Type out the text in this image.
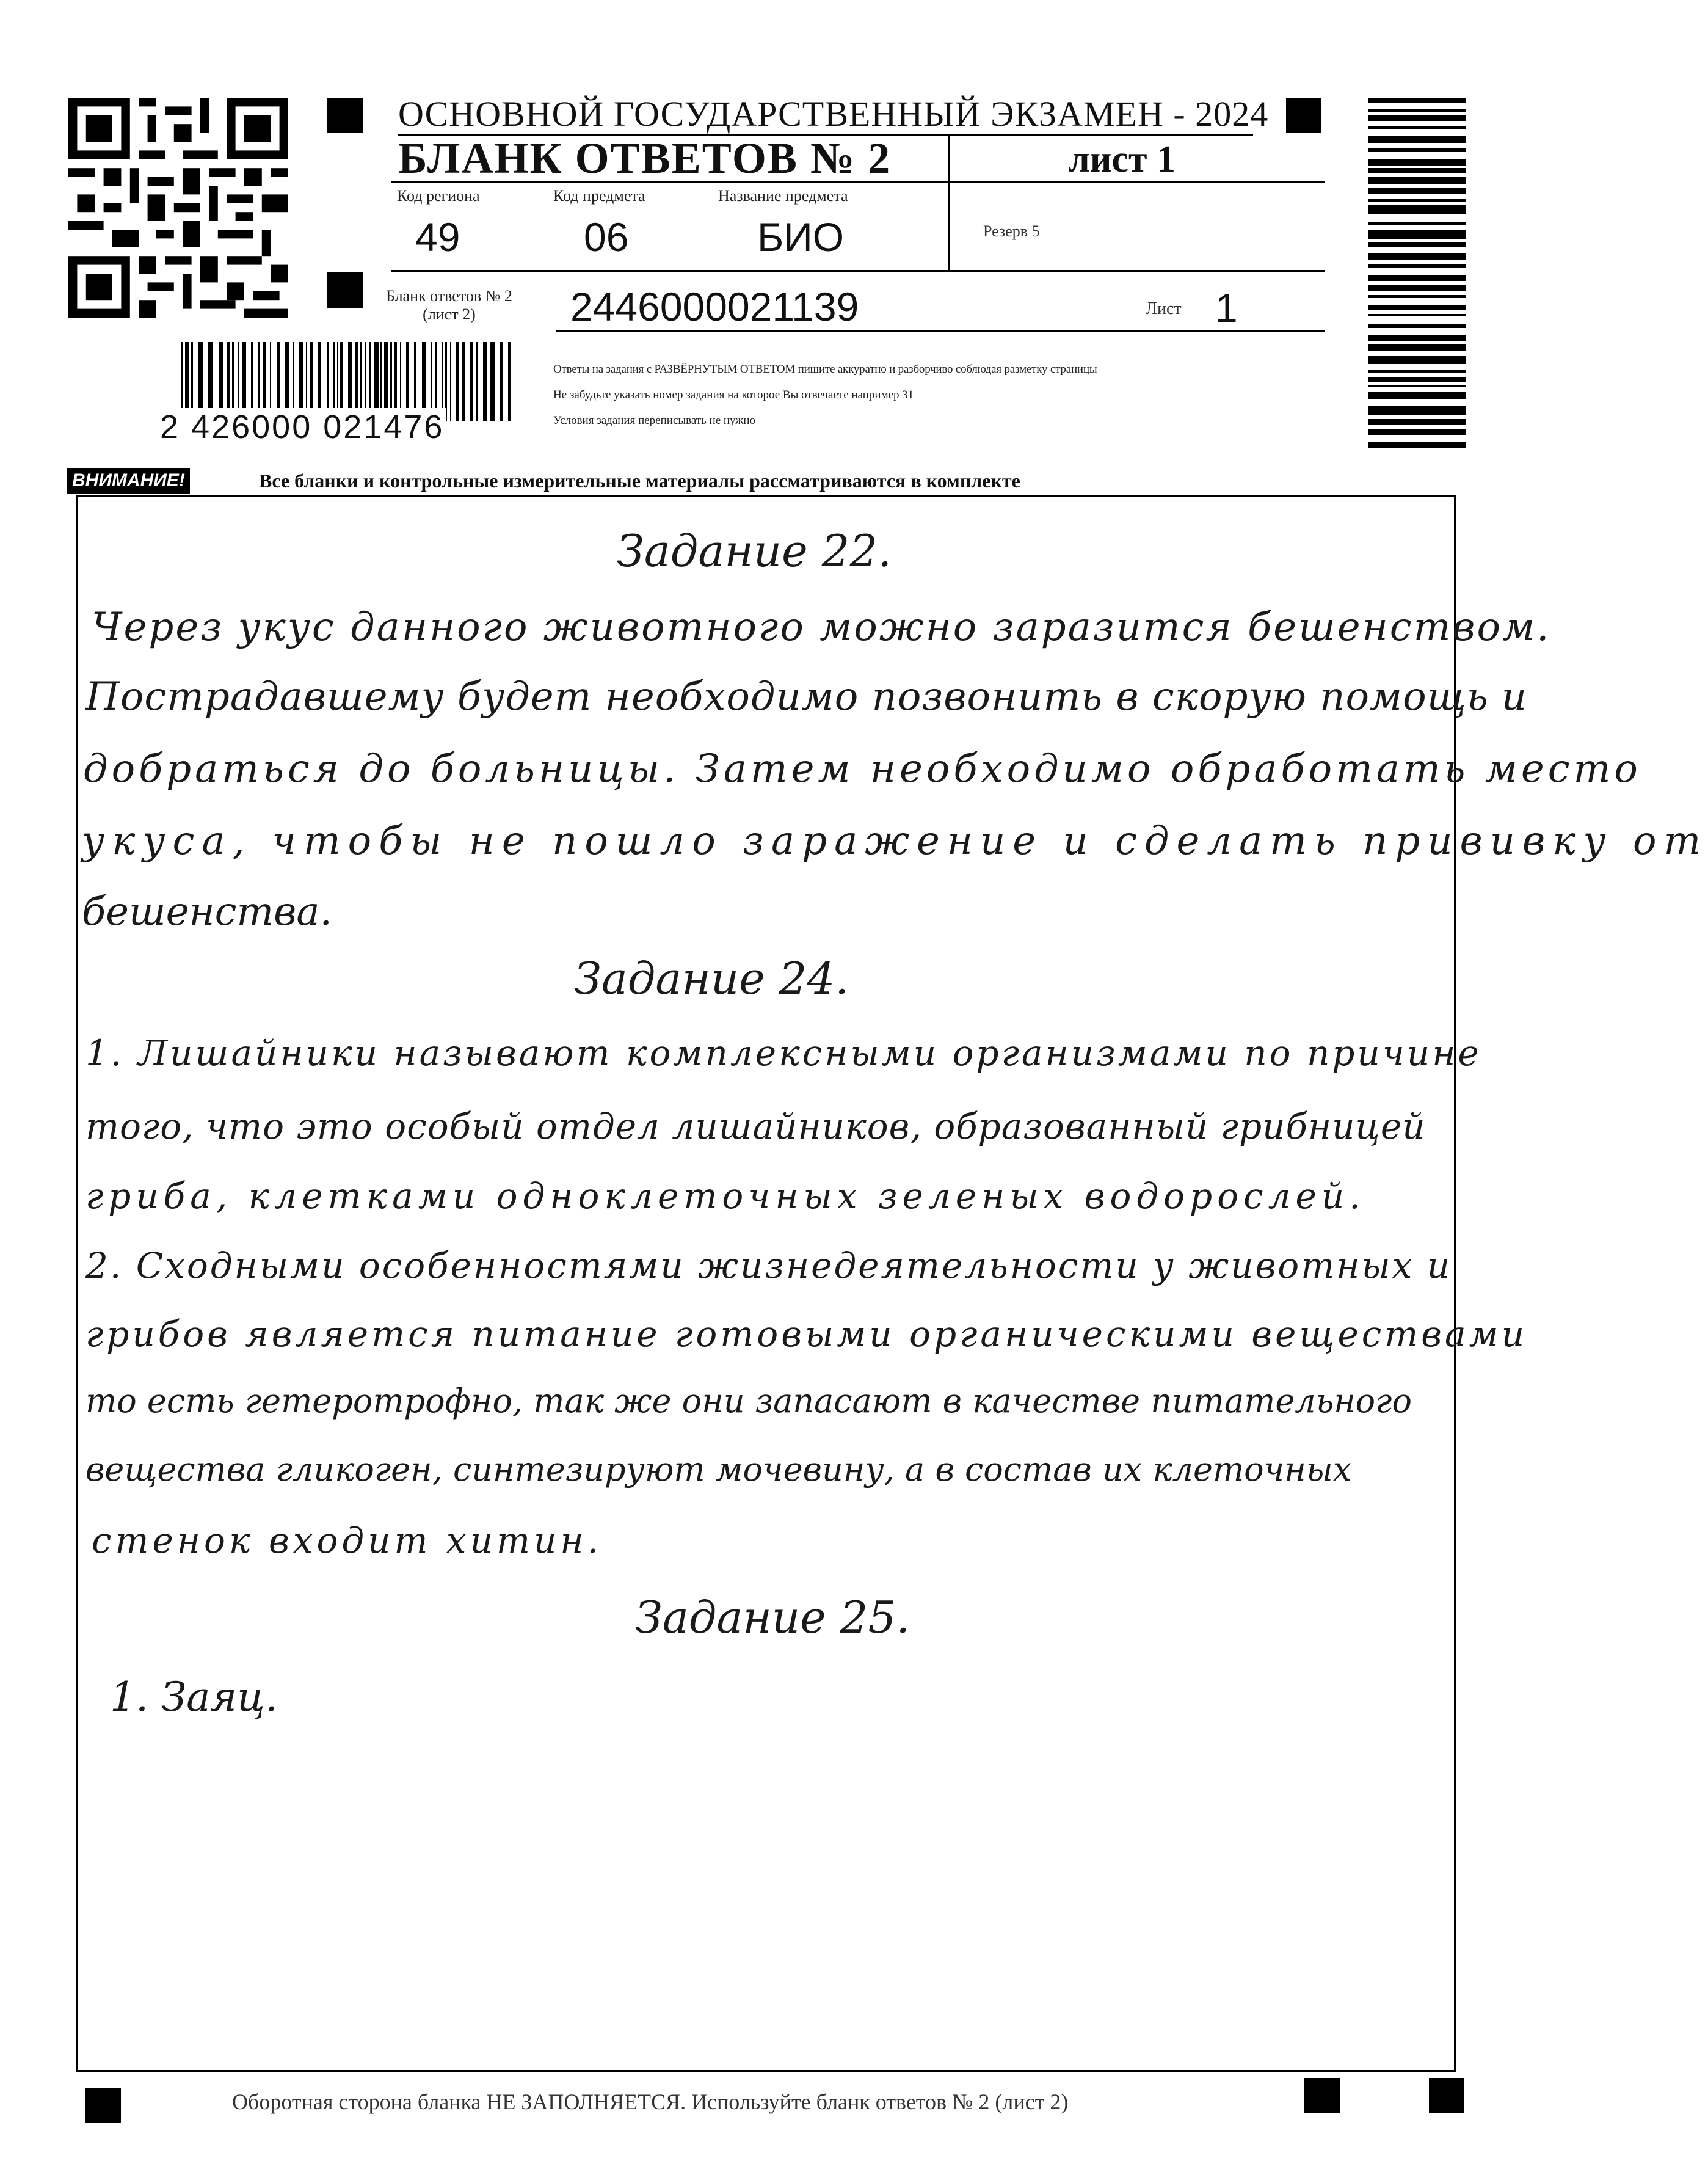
ОСНОВНОЙ ГОСУДАРСТВЕННЫЙ ЭКЗАМЕН - 2024
БЛАНК ОТВЕТОВ № 2	лист 1
Код региона
49
Код предмета
06
Название предмета
БИО	Резерв 5
Бланк ответов № 2
(лист 2)	2446000021139	Лист 1
Ответы на задания с РАЗВЁРНУТЫМ ОТВЕТОМ пишите аккуратно и разборчиво соблюдая разметку страницы
Не забудьте указать номер задания на которое Вы отвечаете например 31
Условия задания переписывать не нужно
2 426000 021476
ВНИМАНИЕ!	Все бланки и контрольные измерительные материалы рассматриваются в комплекте
Задание 22.
Через укус данного животного можно заразится бешенством.
Пострадавшему будет необходимо позвонить в скорую помощь и
добраться до больницы. Затем необходимо обработать место
укуса, чтобы не пошло заражение и сделать прививку от
бешенства.
Задание 24.
1. Лишайники называют комплексными организмами по причине
того, что это особый отдел лишайников, образованный грибницей
гриба, клетками одноклеточных зеленых водорослей.
2. Сходными особенностями жизнедеятельности у животных и
грибов является питание готовыми органическими веществами
то есть гетеротрофно, так же они запасают в качестве питательного
вещества гликоген, синтезируют мочевину, а в состав их клеточных
стенок входит хитин.
Задание 25.
1. Заяц.
Оборотная сторона бланка НЕ ЗАПОЛНЯЕТСЯ. Используйте бланк ответов № 2 (лист 2)
